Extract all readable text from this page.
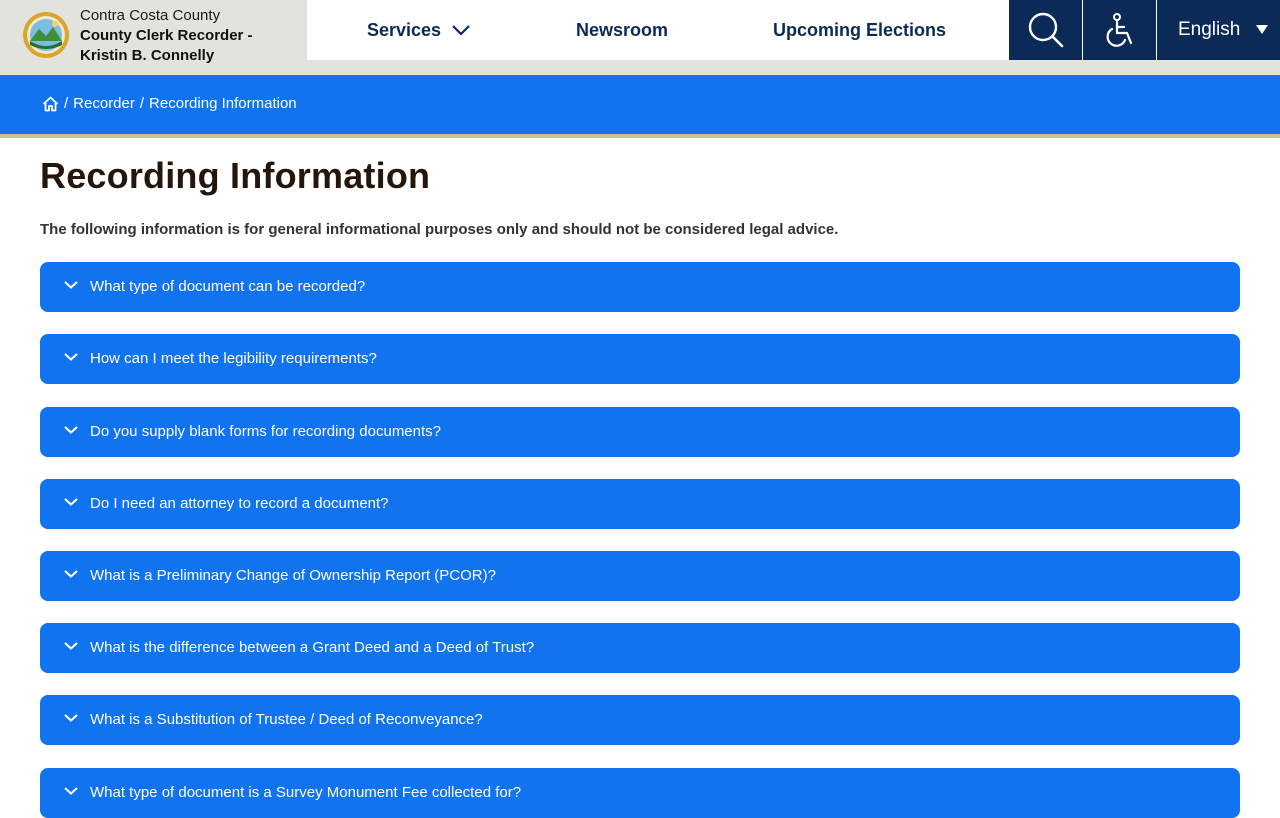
Contra Costa County
County Clerk Recorder -
Kristin B. Connelly
Services	Newsroom	Upcoming Elections	English
/ Recorder / Recording Information
Recording Information

The following information is for general informational purposes only and should not be considered legal advice.

What type of document can be recorded?
How can I meet the legibility requirements?
Do you supply blank forms for recording documents?
Do I need an attorney to record a document?
What is a Preliminary Change of Ownership Report (PCOR)?
What is the difference between a Grant Deed and a Deed of Trust?
What is a Substitution of Trustee / Deed of Reconveyance?
What type of document is a Survey Monument Fee collected for?
